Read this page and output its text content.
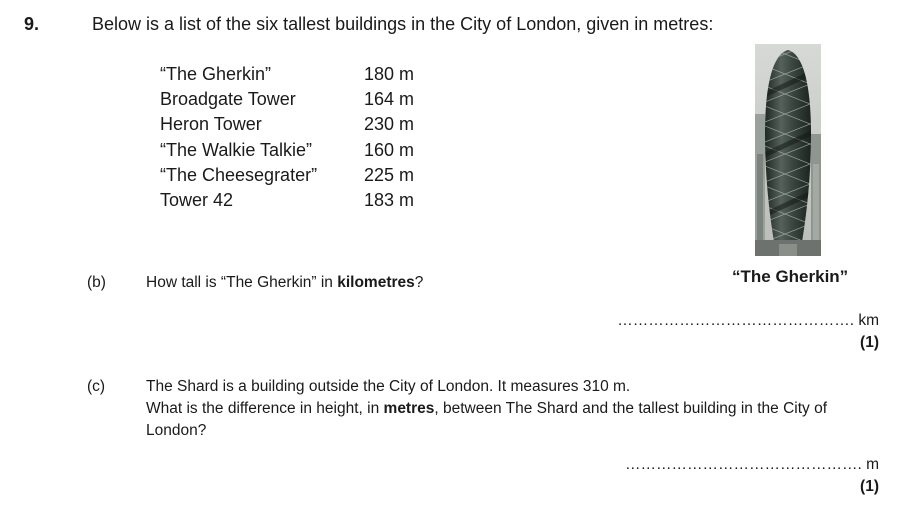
9.	Below is a list of the six tallest buildings in the City of London, given in metres:
“The Gherkin”	180 m
Broadgate Tower	164 m
Heron Tower	230 m
“The Walkie Talkie”	160 m
“The Cheesegrater”	225 m
Tower 42	183 m
“The Gherkin”
(b)	How tall is “The Gherkin” in kilometres?
………………………………………. km
(1)
(c)	The Shard is a building outside the City of London. It measures 310 m.
What is the difference in height, in metres, between The Shard and the tallest building in the City of
London?
………………………………………. m
(1)
